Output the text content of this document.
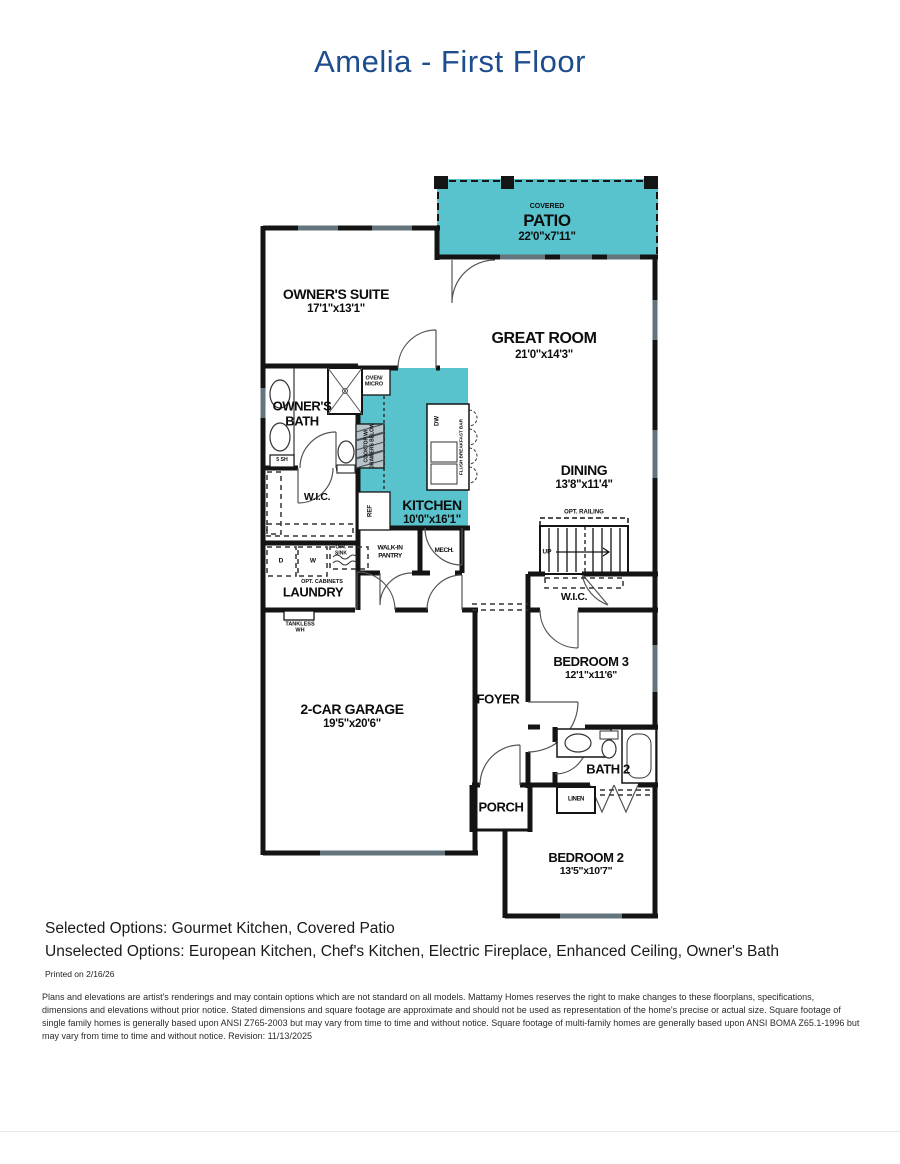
Amelia - First Floor
COVERED
PATIO
22'0"x7'11"
OWNER'S SUITE
17'1"x13'1"
GREAT ROOM
21'0"x14'3"
OWNER'S BATH
KITCHEN
10'0"x16'1"
DINING
13'8"x11'4"
W.I.C.
LAUNDRY
WALK-IN PANTRY
MECH.
W.I.C.
2-CAR GARAGE
19'5"x20'6"
FOYER
BEDROOM 3
12'1"x11'6"
BATH 2
PORCH	LINEN
BEDROOM 2
13'5"x10'7"
OVEN/ MICRO
COOKTOP W/ DRAWERS BELOW
DW	FLUSH BREAKFAST BAR
REF
5 SH
D	W
OPT. SINK
OPT. CABINETS
TANKLESS WH
OPT. RAILING
UP
Selected Options: Gourmet Kitchen, Covered Patio
Unselected Options: European Kitchen, Chef's Kitchen, Electric Fireplace, Enhanced Ceiling, Owner's Bath
Printed on 2/16/26
Plans and elevations are artist's renderings and may contain options which are not standard on all models. Mattamy Homes reserves the right to make changes to these floorplans, specifications, dimensions and elevations without prior notice. Stated dimensions and square footage are approximate and should not be used as representation of the home's precise or actual size. Square footage of single family homes is generally based upon ANSI Z765-2003 but may vary from time to time and without notice. Square footage of multi-family homes are generally based upon ANSI BOMA Z65.1-1996 but may vary from time to time and without notice. Revision: 11/13/2025
